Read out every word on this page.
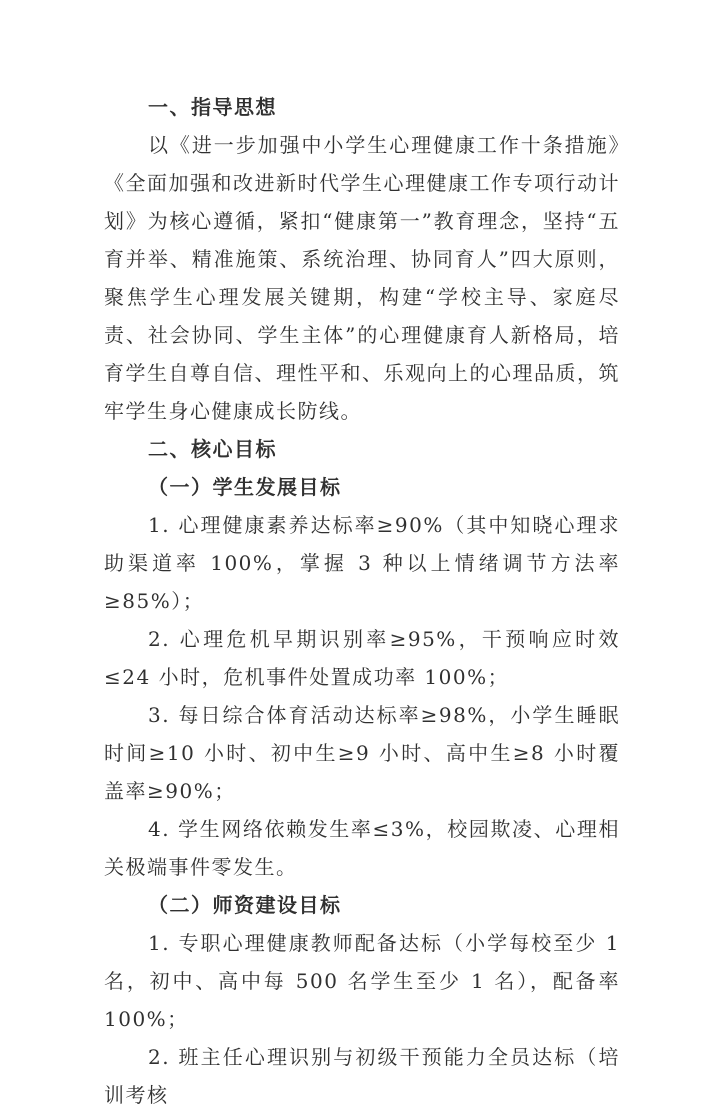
一、指导思想

以《进一步加强中小学生心理健康工作十条措施》《全面加强和改进新时代学生心理健康工作专项行动计划》为核心遵循，紧扣“健康第一”教育理念，坚持“五育并举、精准施策、系统治理、协同育人”四大原则，聚焦学生心理发展关键期，构建“学校主导、家庭尽责、社会协同、学生主体”的心理健康育人新格局，培育学生自尊自信、理性平和、乐观向上的心理品质，筑牢学生身心健康成长防线。

二、核心目标
（一）学生发展目标

1. 心理健康素养达标率≥90%（其中知晓心理求助渠道率 100%，掌握 3 种以上情绪调节方法率≥85%）；

2. 心理危机早期识别率≥95%，干预响应时效≤24 小时，危机事件处置成功率 100%；

3. 每日综合体育活动达标率≥98%，小学生睡眠时间≥10 小时、初中生≥9 小时、高中生≥8 小时覆盖率≥90%；

4. 学生网络依赖发生率≤3%，校园欺凌、心理相关极端事件零发生。

（二）师资建设目标

1. 专职心理健康教师配备达标（小学每校至少 1 名，初中、高中每 500 名学生至少 1 名），配备率 100%；

2. 班主任心理识别与初级干预能力全员达标（培训考核
